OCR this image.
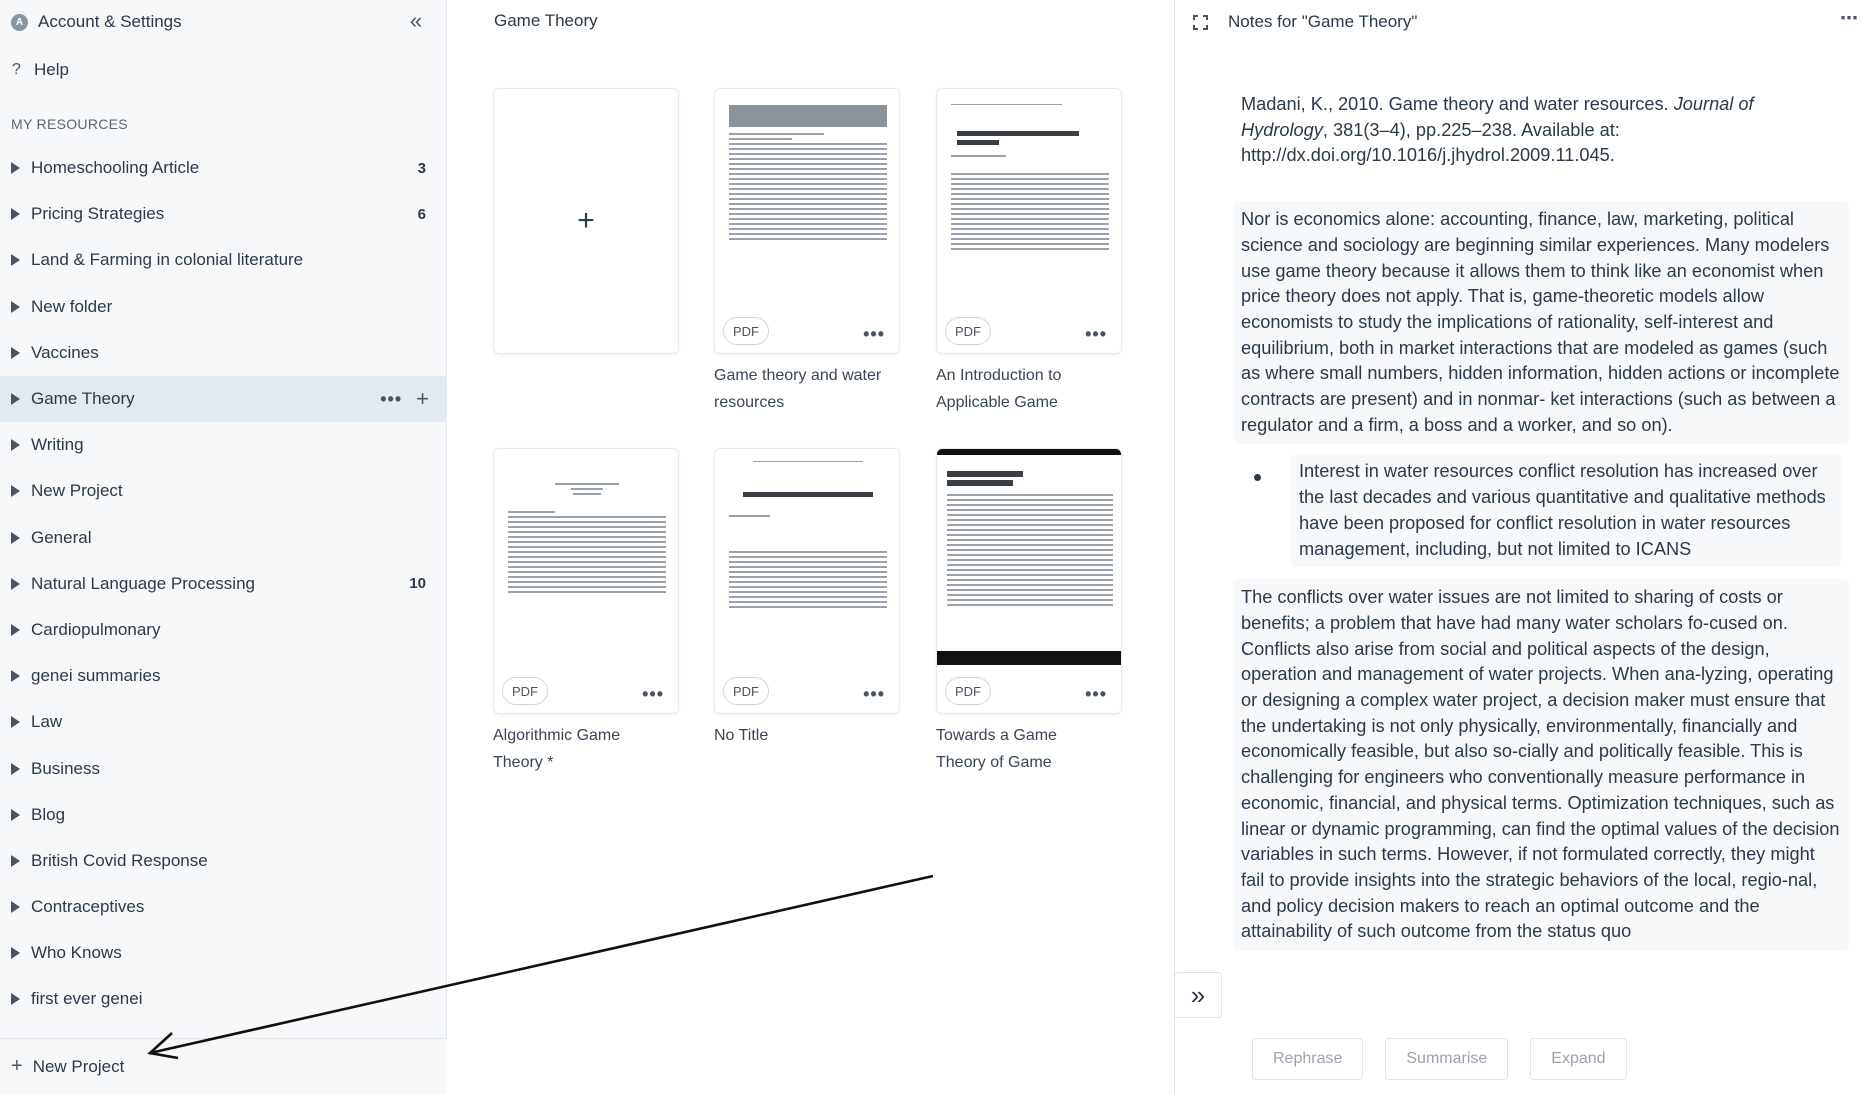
A Account & Settings	«
? Help
MY RESOURCES
Homeschooling Article	3
Pricing Strategies	6
Land & Farming in colonial literature
New folder
Vaccines
Game Theory	••• +
Writing
New Project
General
Natural Language Processing	10
Cardiopulmonary
genei summaries
Law
Business
Blog
British Covid Response
Contraceptives
Who Knows
first ever genei
+ New Project
Game Theory
+
PDF	•••
Game theory and water
resources
PDF	•••
An Introduction to
Applicable Game
PDF	•••
Algorithmic Game
Theory *
PDF	•••
No Title
PDF	•••
Towards a Game
Theory of Game
Notes for "Game Theory"	⋯
Madani, K., 2010. Game theory and water resources. Journal of Hydrology, 381(3–4), pp.225–238. Available at: http://dx.doi.org/10.1016/j.jhydrol.2009.11.045.
Nor is economics alone: accounting, finance, law, marketing, political science and sociology are beginning similar experiences. Many modelers use game theory because it allows them to think like an economist when price theory does not apply. That is, game-theoretic models allow economists to study the implications of rationality, self-interest and equilibrium, both in market interactions that are modeled as games (such as where small numbers, hidden information, hidden actions or incomplete contracts are present) and in nonmar- ket interactions (such as between a regulator and a firm, a boss and a worker, and so on).
Interest in water resources conflict resolution has increased over the last decades and various quantitative and qualitative methods have been proposed for conflict resolution in water resources management, including, but not limited to ICANS
The conflicts over water issues are not limited to sharing of costs or benefits; a problem that have had many water scholars fo-cused on. Conflicts also arise from social and political aspects of the design, operation and management of water projects. When ana-lyzing, operating or designing a complex water project, a decision maker must ensure that the undertaking is not only physically, environmentally, financially and economically feasible, but also so-cially and politically feasible. This is challenging for engineers who conventionally measure performance in economic, financial, and physical terms. Optimization techniques, such as linear or dynamic programming, can find the optimal values of the decision variables in such terms. However, if not formulated correctly, they might fail to provide insights into the strategic behaviors of the local, regio-nal, and policy decision makers to reach an optimal outcome and the attainability of such outcome from the status quo
»
Rephrase	Summarise	Expand
